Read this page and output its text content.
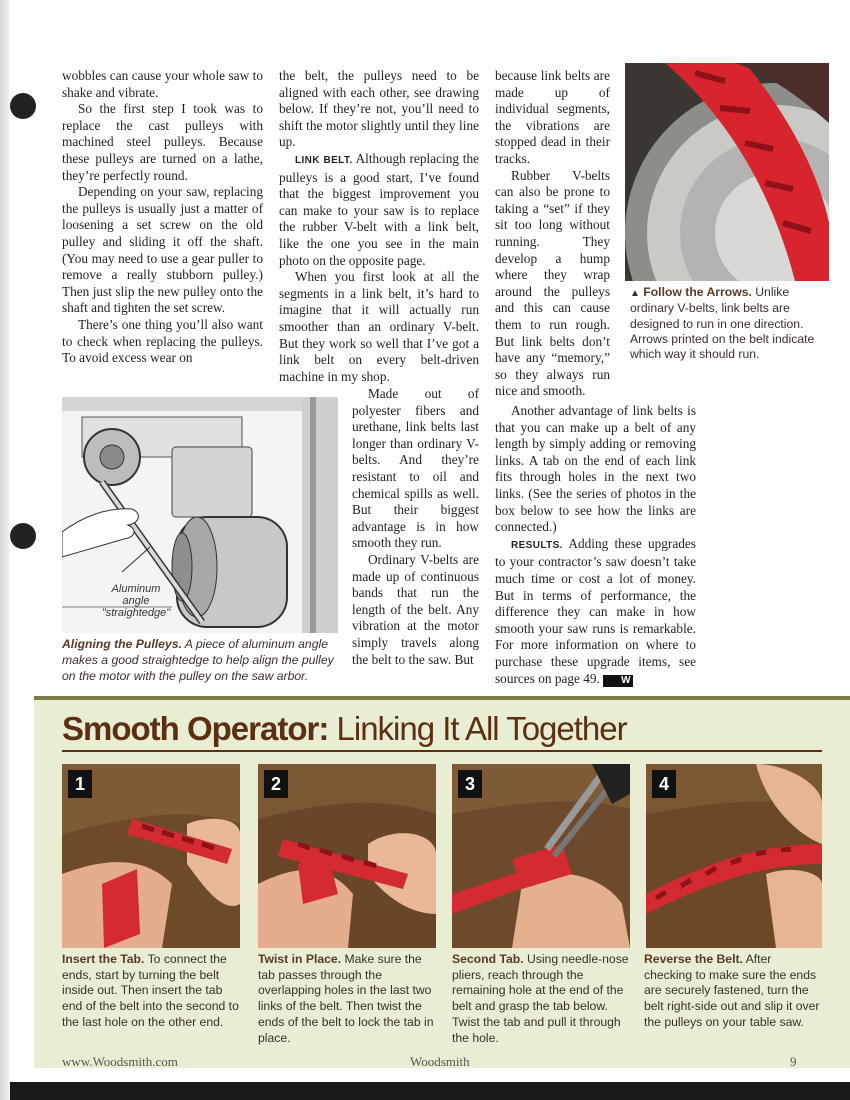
wobbles can cause your whole saw to shake and vibrate.

So the first step I took was to replace the cast pulleys with machined steel pulleys. Because these pulleys are turned on a lathe, they’re perfectly round.

Depending on your saw, replacing the pulleys is usually just a matter of loosening a set screw on the old pulley and sliding it off the shaft. (You may need to use a gear puller to remove a really stubborn pulley.) Then just slip the new pulley onto the shaft and tighten the set screw.

There’s one thing you’ll also want to check when replacing the pulleys. To avoid excess wear on

the belt, the pulleys need to be aligned with each other, see drawing below. If they’re not, you’ll need to shift the motor slightly until they line up.

LINK BELT. Although replacing the pulleys is a good start, I’ve found that the biggest improvement you can make to your saw is to replace the rubber V-belt with a link belt, like the one you see in the main photo on the opposite page.

When you first look at all the segments in a link belt, it’s hard to imagine that it will actually run smoother than an ordinary V-belt. But they work so well that I’ve got a link belt on every belt-driven machine in my shop.

Made out of polyester fibers and urethane, link belts last longer than ordinary V-belts. And they’re resistant to oil and chemical spills as well. But their biggest advantage is in how smooth they run.

Ordinary V-belts are made up of continuous bands that run the length of the belt. Any vibration at the motor simply travels along the belt to the saw. But

because link belts are made up of individual segments, the vibrations are stopped dead in their tracks.

Rubber V-belts can also be prone to taking a “set” if they sit too long without running. They develop a hump where they wrap around the pulleys and this can cause them to run rough. But link belts don’t have any “memory,” so they always run nice and smooth.

Another advantage of link belts is that you can make up a belt of any length by simply adding or removing links. A tab on the end of each link fits through holes in the next two links. (See the series of photos in the box below to see how the links are connected.)

RESULTS. Adding these upgrades to your contractor’s saw doesn’t take much time or cost a lot of money. But in terms of performance, the difference they can make in how smooth your saw runs is remarkable. For more information on where to purchase these upgrade items, see sources on page 49. W

▲ Follow the Arrows. Unlike ordinary V-belts, link belts are designed to run in one direction. Arrows printed on the belt indicate which way it should run.
Aluminum
angle
"straightedge"
Aligning the Pulleys. A piece of aluminum angle makes a good straightedge to help align the pulley on the motor with the pulley on the saw arbor.
Smooth Operator: Linking It All Together
1	2	3	4
Insert the Tab. To connect the ends, start by turning the belt inside out. Then insert the tab end of the belt into the second to the last hole on the other end.
Twist in Place. Make sure the tab passes through the overlapping holes in the last two links of the belt. Then twist the ends of the belt to lock the tab in place.
Second Tab. Using needle-nose pliers, reach through the remaining hole at the end of the belt and grasp the tab below. Twist the tab and pull it through the hole.
Reverse the Belt. After checking to make sure the ends are securely fastened, turn the belt right-side out and slip it over the pulleys on your table saw.
www.Woodsmith.com	Woodsmith	9
